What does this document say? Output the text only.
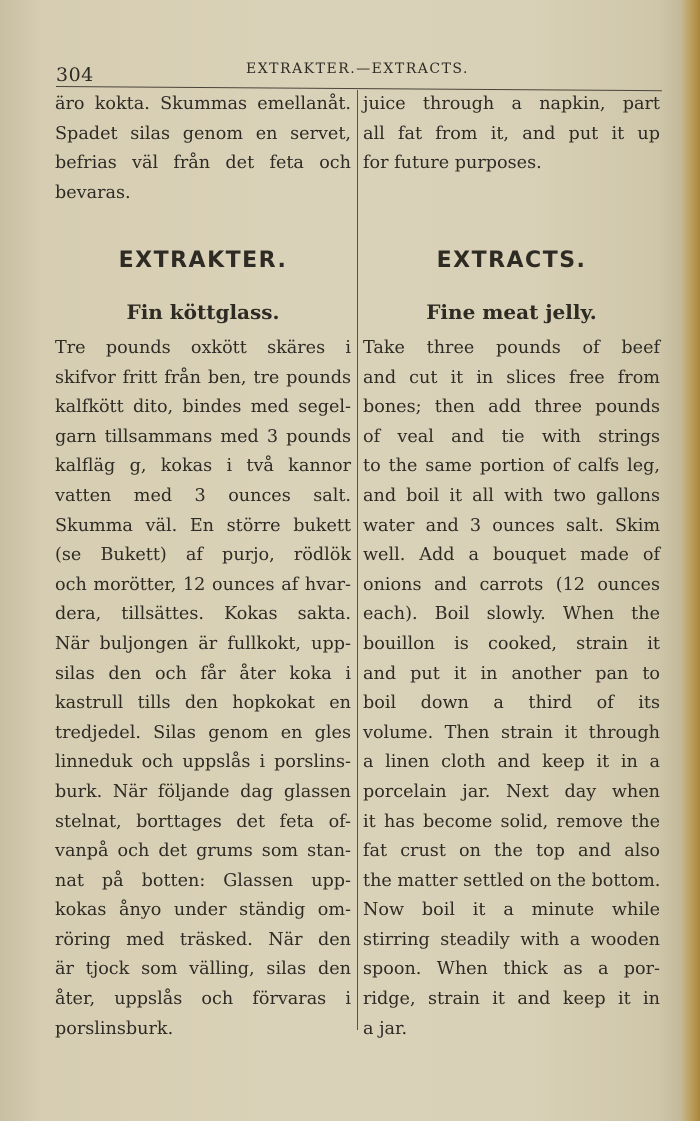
304	EXTRAKTER.—EXTRACTS.
äro kokta. Skummas emellanåt.
Spadet silas genom en servet,
befrias väl från det feta och
bevaras.
EXTRAKTER.
Fin köttglass.
Tre pounds oxkött skäres i
skifvor fritt från ben, tre pounds
kalfkött dito, bindes med segel-
garn tillsammans med 3 pounds
kalfläg g, kokas i två kannor
vatten med 3 ounces salt.
Skumma väl. En större bukett
(se Bukett) af purjo, rödlök
och morötter, 12 ounces af hvar-
dera, tillsättes. Kokas sakta.
När buljongen är fullkokt, upp-
silas den och får åter koka i
kastrull tills den hopkokat en
tredjedel. Silas genom en gles
linneduk och uppslås i porslins-
burk. När följande dag glassen
stelnat, borttages det feta of-
vanpå och det grums som stan-
nat på botten: Glassen upp-
kokas ånyo under ständig om-
röring med träsked. När den
är tjock som välling, silas den
åter, uppslås och förvaras i
porslinsburk.
juice through a napkin, part
all fat from it, and put it up
for future purposes.
EXTRACTS.
Fine meat jelly.
Take three pounds of beef
and cut it in slices free from
bones; then add three pounds
of veal and tie with strings
to the same portion of calfs leg,
and boil it all with two gallons
water and 3 ounces salt. Skim
well. Add a bouquet made of
onions and carrots (12 ounces
each). Boil slowly. When the
bouillon is cooked, strain it
and put it in another pan to
boil down a third of its
volume. Then strain it through
a linen cloth and keep it in a
porcelain jar. Next day when
it has become solid, remove the
fat crust on the top and also
the matter settled on the bottom.
Now boil it a minute while
stirring steadily with a wooden
spoon. When thick as a por-
ridge, strain it and keep it in
a jar.
